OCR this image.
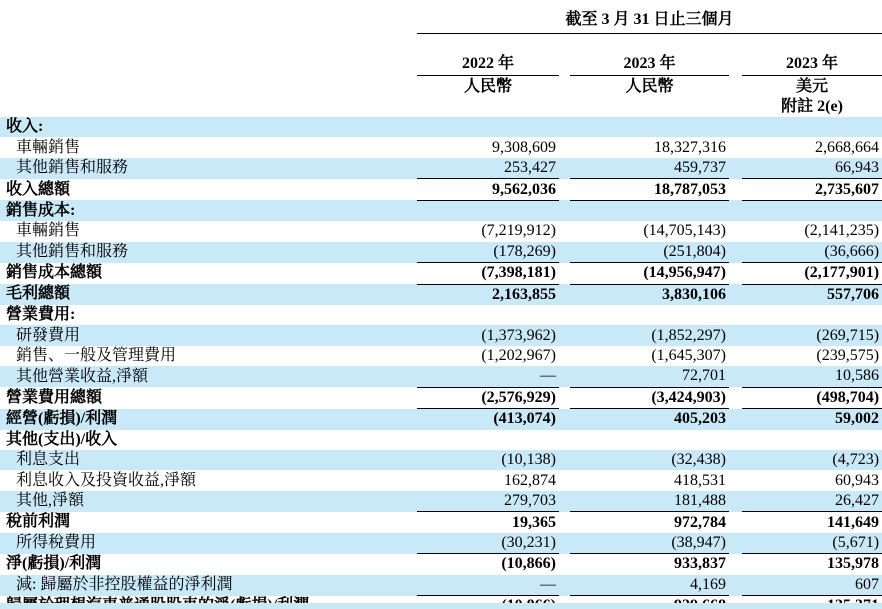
	截至 3 月 31 日止三個月				
	2022 年		2023 年		2023 年
	人民幣		人民幣		美元
					附註 2(e)
收入:					
車輛銷售	9,308,609		18,327,316		2,668,664
其他銷售和服務	253,427		459,737		66,943
收入總額	9,562,036		18,787,053		2,735,607
銷售成本:					
車輛銷售	(7,219,912)		(14,705,143)		(2,141,235)
其他銷售和服務	(178,269)		(251,804)		(36,666)
銷售成本總額	(7,398,181)		(14,956,947)		(2,177,901)
毛利總額	2,163,855		3,830,106		557,706
營業費用:					
研發費用	(1,373,962)		(1,852,297)		(269,715)
銷售、一般及管理費用	(1,202,967)		(1,645,307)		(239,575)
其他營業收益,淨額	—		72,701		10,586
營業費用總額	(2,576,929)		(3,424,903)		(498,704)
經營(虧損)/利潤	(413,074)		405,203		59,002
其他(支出)/收入					
利息支出	(10,138)		(32,438)		(4,723)
利息收入及投資收益,淨額	162,874		418,531		60,943
其他,淨額	279,703		181,488		26,427
稅前利潤	19,365		972,784		141,649
所得稅費用	(30,231)		(38,947)		(5,671)
淨(虧損)/利潤	(10,866)		933,837		135,978
減: 歸屬於非控股權益的淨利潤	—		4,169		607
